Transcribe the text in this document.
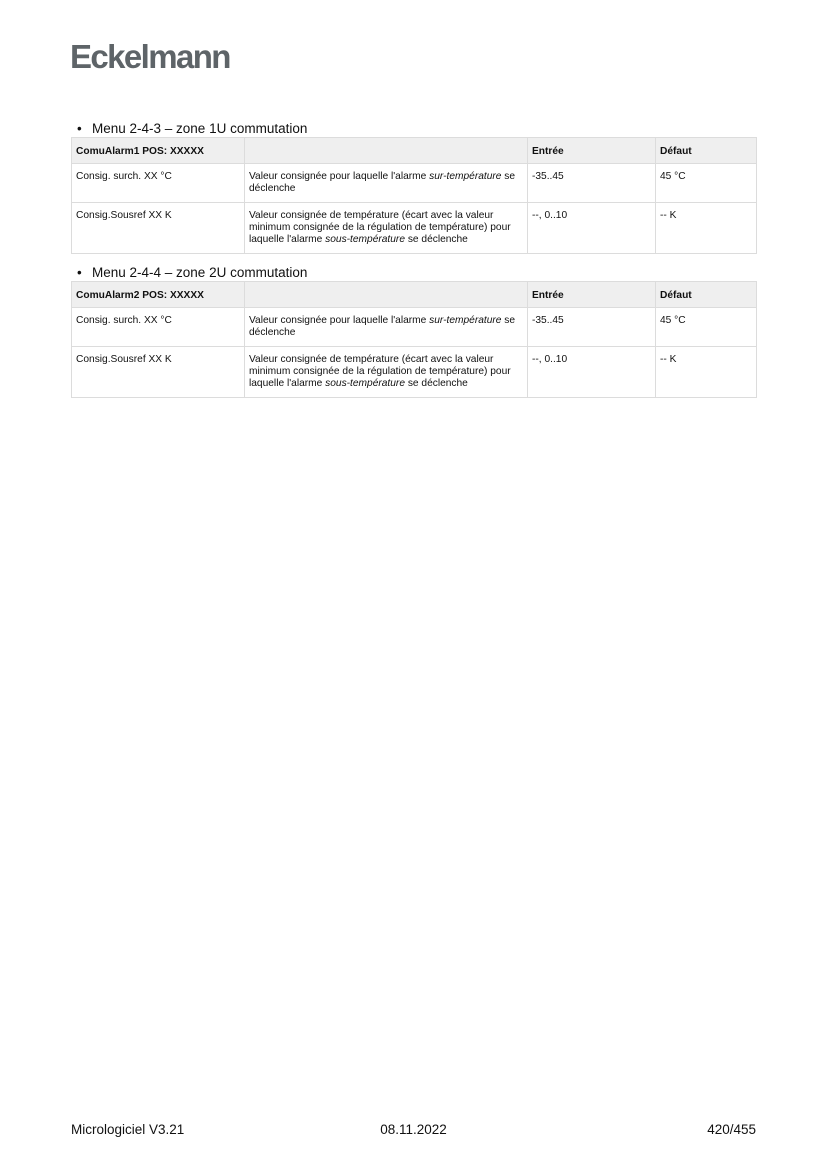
Eckelmann
• Menu 2-4-3 – zone 1U commutation
ComuAlarm1 POS: XXXXX		Entrée	Défaut
Consig. surch. XX °C	Valeur consignée pour laquelle l'alarme sur-température se déclenche	-35..45	45 °C
Consig.Sousref XX K	Valeur consignée de température (écart avec la valeur minimum consignée de la régulation de température) pour laquelle l'alarme sous-température se déclenche	--, 0..10	-- K
• Menu 2-4-4 – zone 2U commutation
ComuAlarm2 POS: XXXXX		Entrée	Défaut
Consig. surch. XX °C	Valeur consignée pour laquelle l'alarme sur-température se déclenche	-35..45	45 °C
Consig.Sousref XX K	Valeur consignée de température (écart avec la valeur minimum consignée de la régulation de température) pour laquelle l'alarme sous-température se déclenche	--, 0..10	-- K
Micrologiciel V3.21	08.11.2022	420/455
